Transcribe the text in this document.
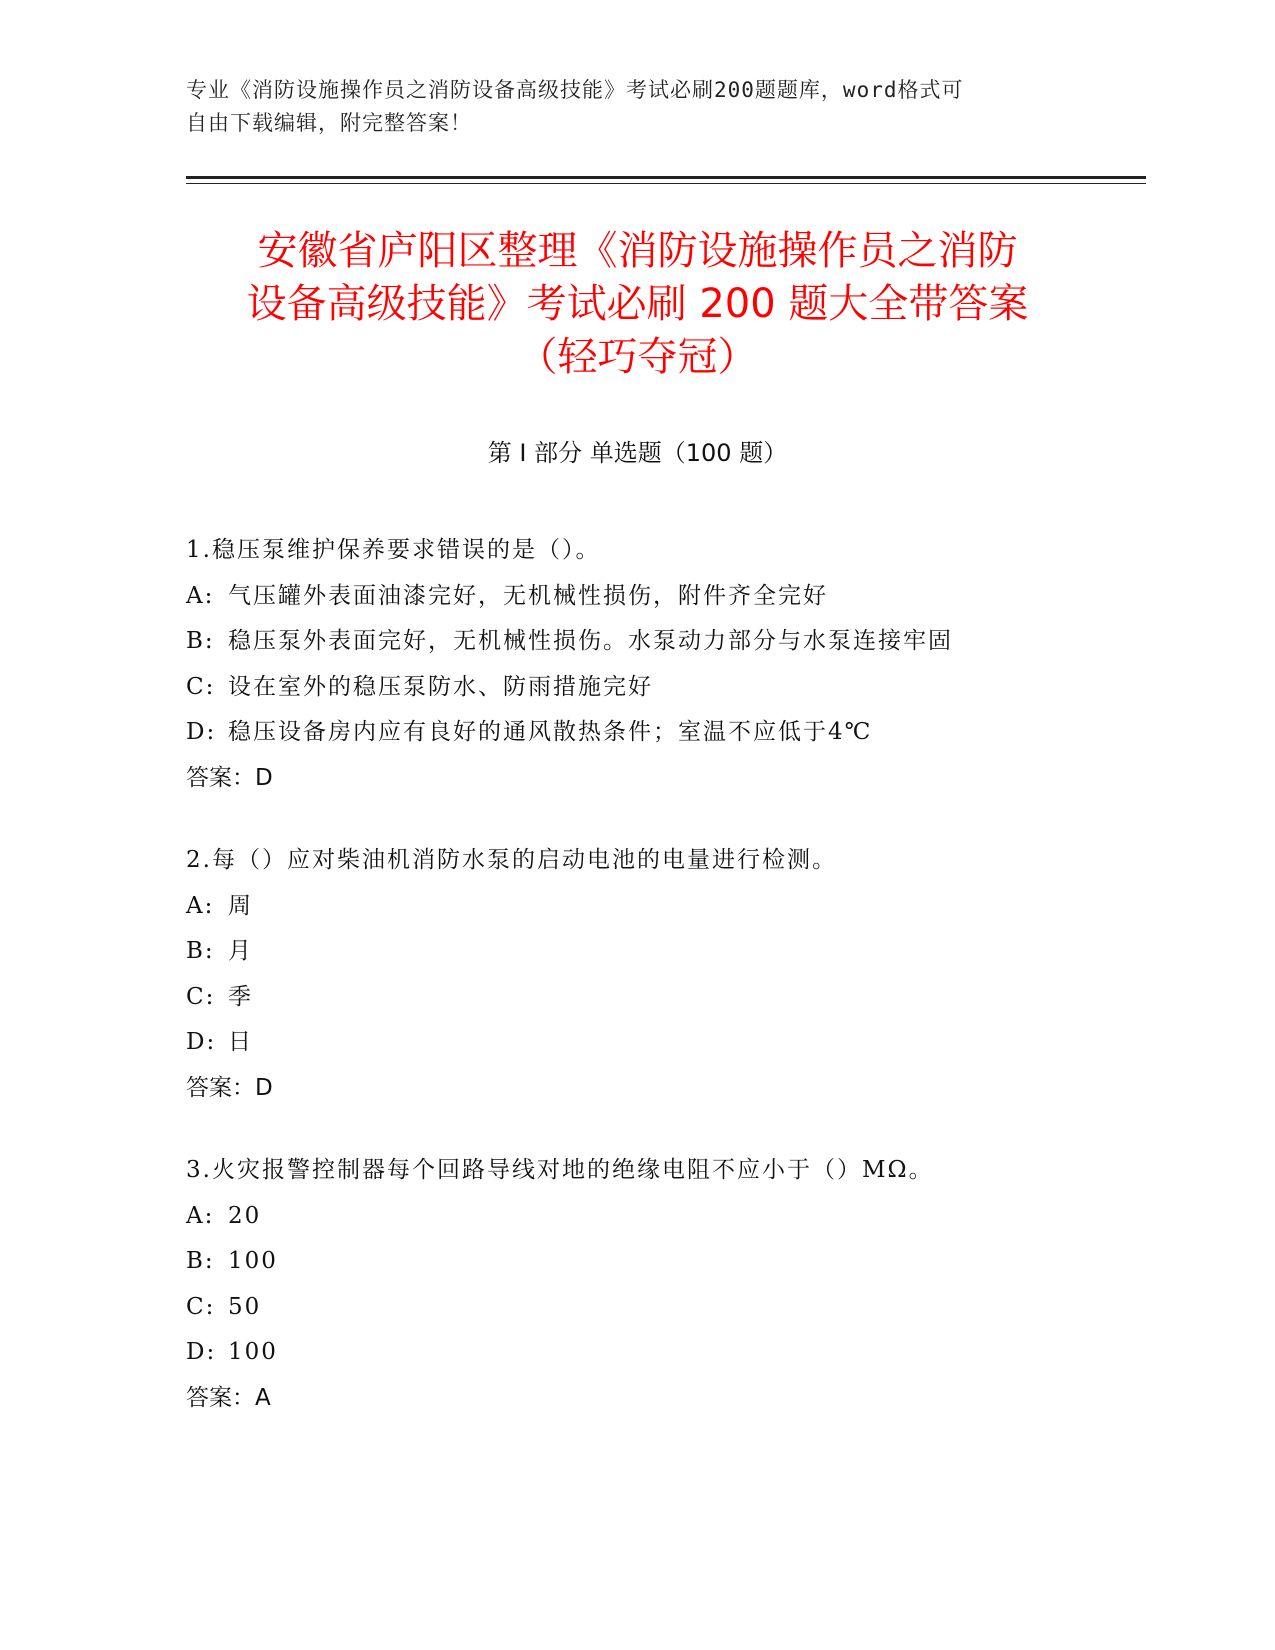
专业《消防设施操作员之消防设备高级技能》考试必刷200题题库，word格式可
自由下载编辑，附完整答案！
安徽省庐阳区整理《消防设施操作员之消防
设备高级技能》考试必刷 200 题大全带答案
（轻巧夺冠）
第 I 部分 单选题（100 题）
1.稳压泵维护保养要求错误的是（）。
A: 气压罐外表面油漆完好，无机械性损伤，附件齐全完好
B: 稳压泵外表面完好，无机械性损伤。水泵动力部分与水泵连接牢固
C: 设在室外的稳压泵防水、防雨措施完好
D: 稳压设备房内应有良好的通风散热条件；室温不应低于4℃
答案：D
2.每（）应对柴油机消防水泵的启动电池的电量进行检测。
A: 周
B: 月
C: 季
D: 日
答案：D
3.火灾报警控制器每个回路导线对地的绝缘电阻不应小于（）MΩ。
A: 20
B: 100
C: 50
D: 100
答案：A
